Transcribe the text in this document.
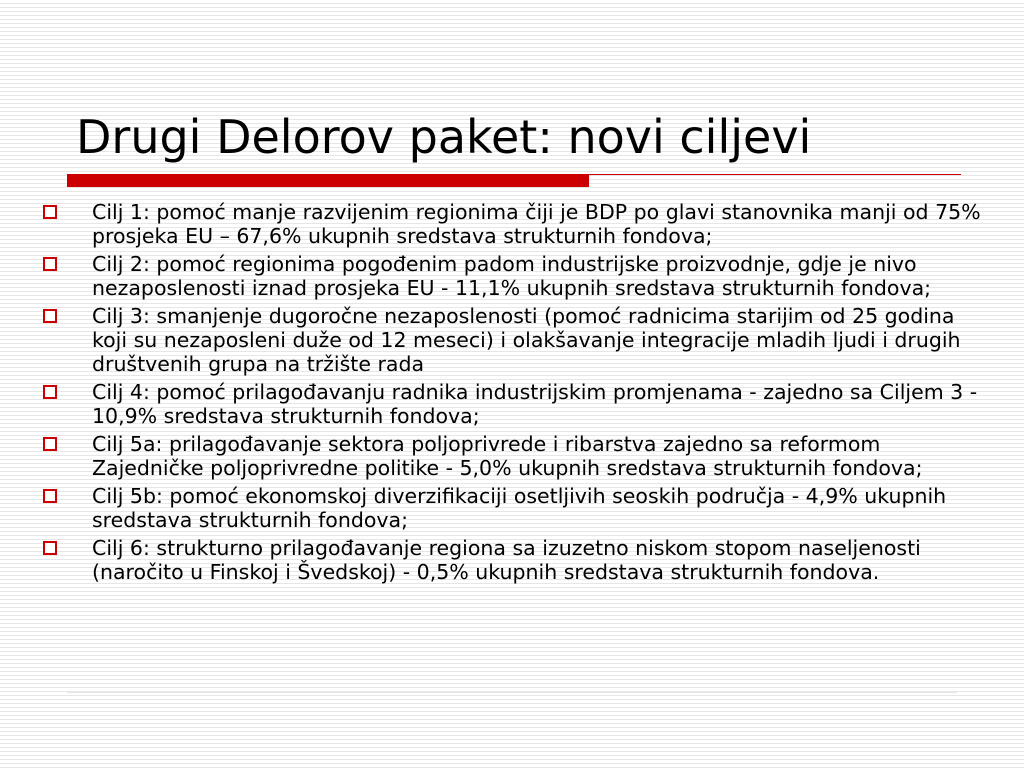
Drugi Delorov paket: novi ciljevi
Cilj 1: pomoć manje razvijenim regionima čiji je BDP po glavi stanovnika manji od 75% prosjeka EU – 67,6% ukupnih sredstava strukturnih fondova;
Cilj 2: pomoć regionima pogođenim padom industrijske proizvodnje, gdje je nivo nezaposlenosti iznad prosjeka EU - 11,1% ukupnih sredstava strukturnih fondova;
Cilj 3: smanjenje dugoročne nezaposlenosti (pomoć radnicima starijim od 25 godina koji su nezaposleni duže od 12 meseci) i olakšavanje integracije mladih ljudi i drugih društvenih grupa na tržište rada
Cilj 4: pomoć prilagođavanju radnika industrijskim promjenama - zajedno sa Ciljem 3 - 10,9% sredstava strukturnih fondova;
Cilj 5a: prilagođavanje sektora poljoprivrede i ribarstva zajedno sa reformom Zajedničke poljoprivredne politike - 5,0% ukupnih sredstava strukturnih fondova;
Cilj 5b: pomoć ekonomskoj diverzifikaciji osetljivih seoskih područja - 4,9% ukupnih sredstava strukturnih fondova;
Cilj 6: strukturno prilagođavanje regiona sa izuzetno niskom stopom naseljenosti (naročito u Finskoj i Švedskoj) - 0,5% ukupnih sredstava strukturnih fondova.
